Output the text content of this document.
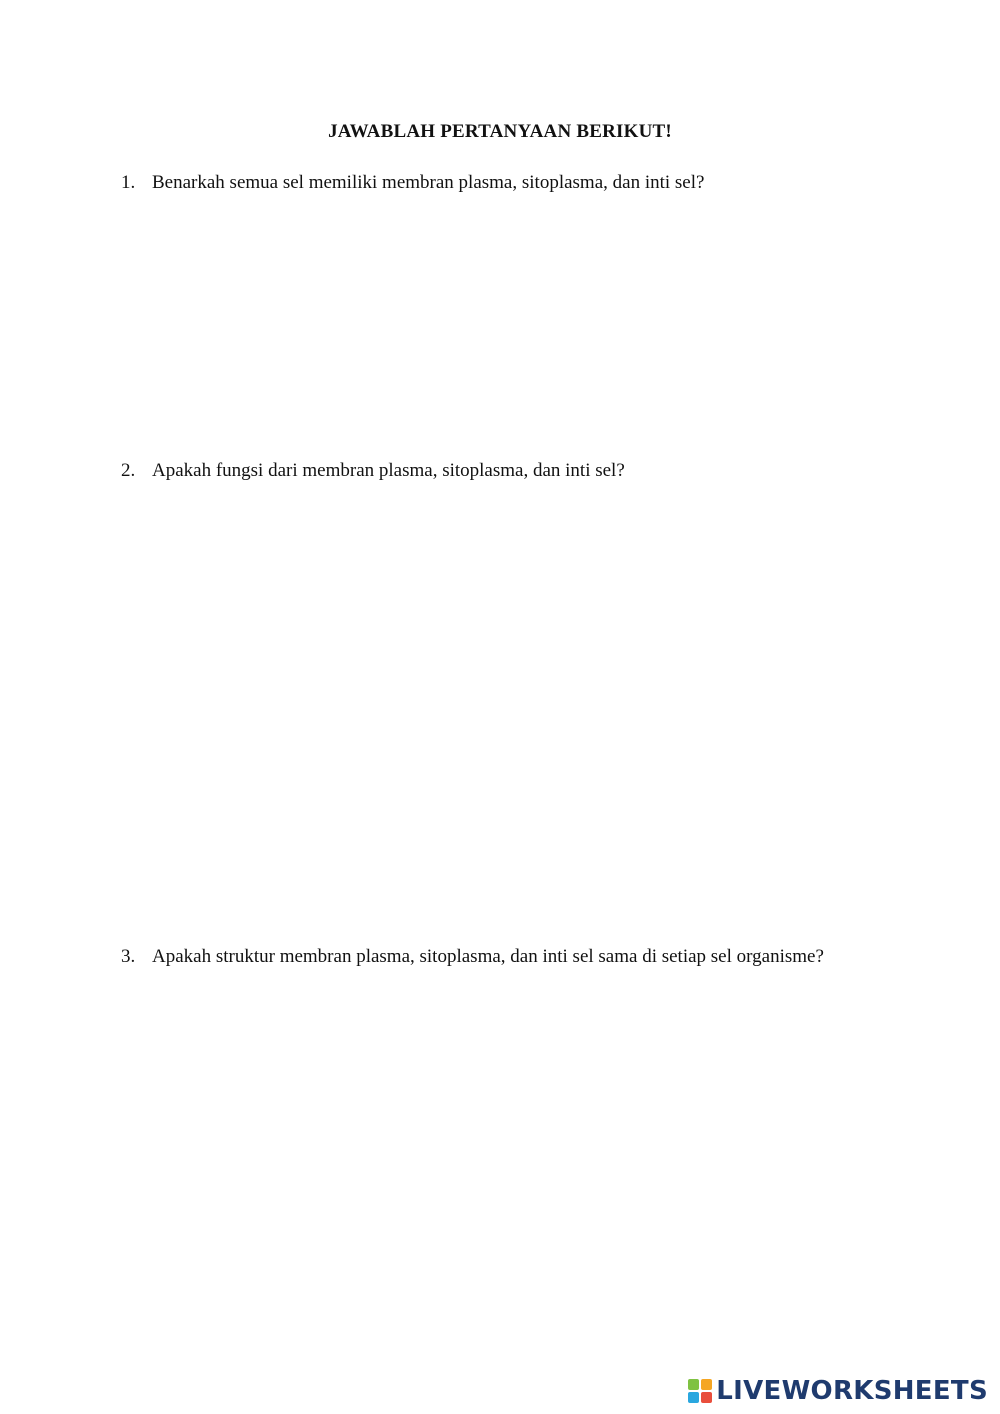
JAWABLAH PERTANYAAN BERIKUT!
1. Benarkah semua sel memiliki membran plasma, sitoplasma, dan inti sel?
2. Apakah fungsi dari membran plasma, sitoplasma, dan inti sel?
3. Apakah struktur membran plasma, sitoplasma, dan inti sel sama di setiap sel organisme?
LIVEWORKSHEETS
